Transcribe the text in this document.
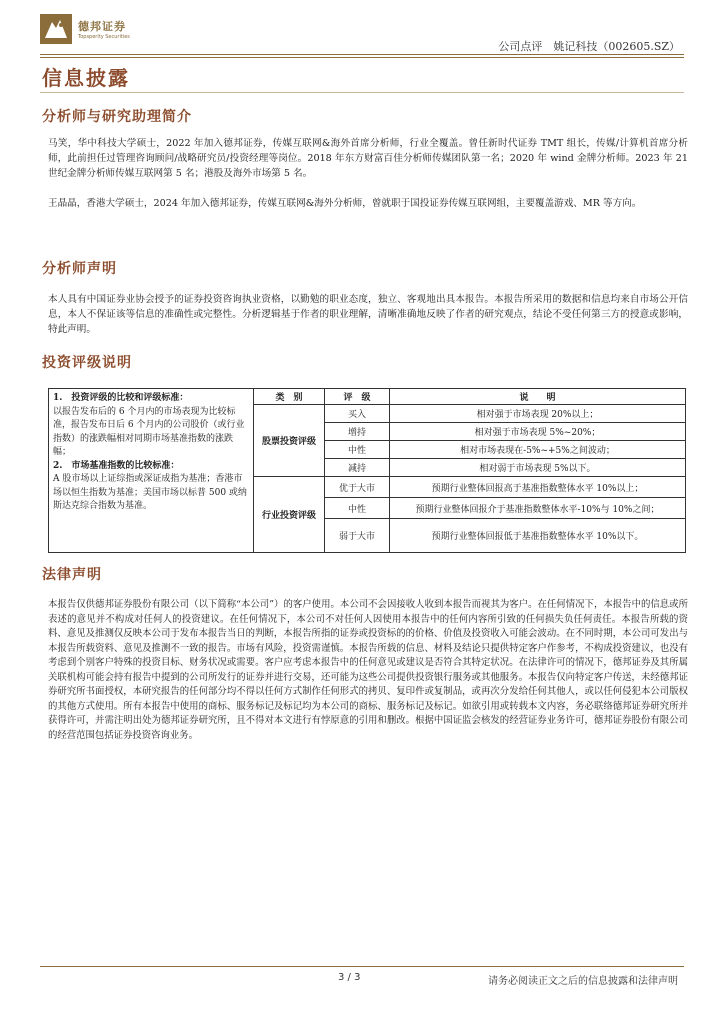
德邦证券
Topsperity Securities
公司点评　姚记科技（002605.SZ）
信息披露
分析师与研究助理简介
马笑，华中科技大学硕士，2022 年加入德邦证券，传媒互联网&海外首席分析师，行业全覆盖。曾任新时代证券 TMT 组长，传媒/计算机首席分析师，此前担任过管理咨询顾问/战略研究员/投资经理等岗位。2018 年东方财富百佳分析师传媒团队第一名；2020 年 wind 金牌分析师。2023 年 21 世纪金牌分析师传媒互联网第 5 名；港股及海外市场第 5 名。
王晶晶，香港大学硕士，2024 年加入德邦证券，传媒互联网&海外分析师，曾就职于国投证券传媒互联网组，主要覆盖游戏、MR 等方向。
分析师声明
本人具有中国证券业协会授予的证券投资咨询执业资格，以勤勉的职业态度，独立、客观地出具本报告。本报告所采用的数据和信息均来自市场公开信息，本人不保证该等信息的准确性或完整性。分析逻辑基于作者的职业理解，清晰准确地反映了作者的研究观点，结论不受任何第三方的授意或影响，特此声明。
投资评级说明
1.　投资评级的比较和评级标准：
以报告发布后的 6 个月内的市场表现为比较标准，报告发布日后 6 个月内的公司股价（或行业指数）的涨跌幅相对同期市场基准指数的涨跌幅；
2.　市场基准指数的比较标准：
A 股市场以上证综指或深证成指为基准；香港市场以恒生指数为基准；美国市场以标普 500 或纳斯达克综合指数为基准。	类　别	评　级	说　　明
	股票投资评级	买入	相对强于市场表现 20%以上；
		增持	相对强于市场表现 5%~20%；
		中性	相对市场表现在-5%~+5%之间波动；
		减持	相对弱于市场表现 5%以下。
	行业投资评级	优于大市	预期行业整体回报高于基准指数整体水平 10%以上；
		中性	预期行业整体回报介于基准指数整体水平-10%与 10%之间；
		弱于大市	预期行业整体回报低于基准指数整体水平 10%以下。
法律声明
本报告仅供德邦证券股份有限公司（以下简称“本公司”）的客户使用。本公司不会因接收人收到本报告而视其为客户。在任何情况下，本报告中的信息或所表述的意见并不构成对任何人的投资建议。在任何情况下，本公司不对任何人因使用本报告中的任何内容所引致的任何损失负任何责任。本报告所载的资料、意见及推测仅反映本公司于发布本报告当日的判断，本报告所指的证券或投资标的的价格、价值及投资收入可能会波动。在不同时期，本公司可发出与本报告所载资料、意见及推测不一致的报告。市场有风险，投资需谨慎。本报告所载的信息、材料及结论只提供特定客户作参考，不构成投资建议，也没有考虑到个别客户特殊的投资目标、财务状况或需要。客户应考虑本报告中的任何意见或建议是否符合其特定状况。在法律许可的情况下，德邦证券及其所属关联机构可能会持有报告中提到的公司所发行的证券并进行交易，还可能为这些公司提供投资银行服务或其他服务。本报告仅向特定客户传送，未经德邦证券研究所书面授权，本研究报告的任何部分均不得以任何方式制作任何形式的拷贝、复印件或复制品，或再次分发给任何其他人，或以任何侵犯本公司版权的其他方式使用。所有本报告中使用的商标、服务标记及标记均为本公司的商标、服务标记及标记。如欲引用或转载本文内容，务必联络德邦证券研究所并获得许可，并需注明出处为德邦证券研究所，且不得对本文进行有悖原意的引用和删改。根据中国证监会核发的经营证券业务许可，德邦证券股份有限公司的经营范围包括证券投资咨询业务。
3 / 3	请务必阅读正文之后的信息披露和法律声明
